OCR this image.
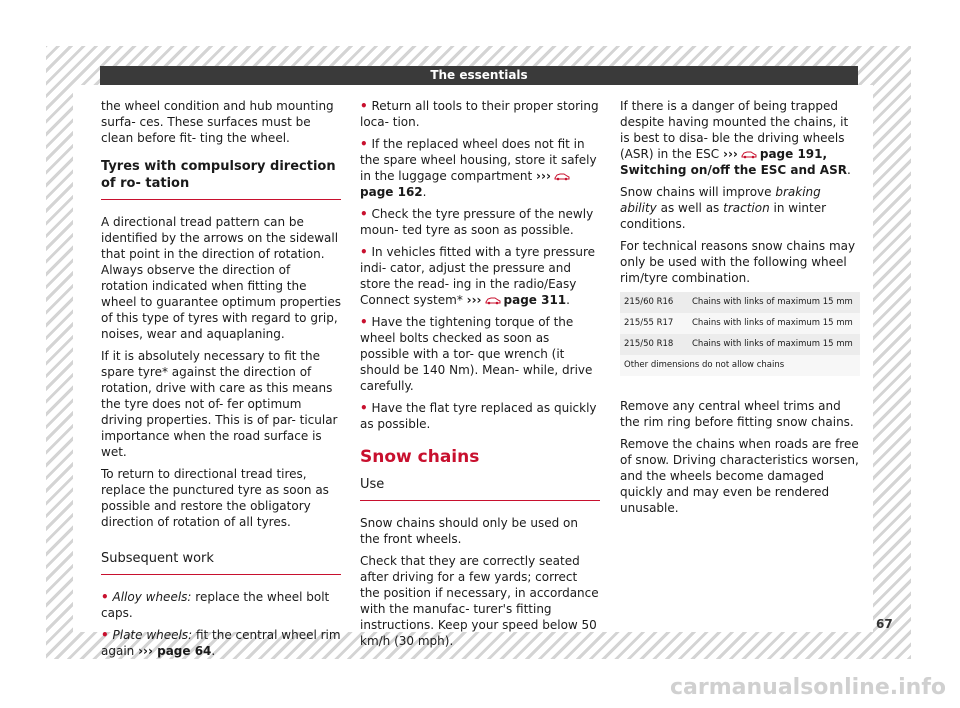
The essentials

the wheel condition and hub mounting surfa- ces. These surfaces must be clean before fit- ting the wheel.

Tyres with compulsory direction of ro- tation

A directional tread pattern can be identified by the arrows on the sidewall that point in the direction of rotation. Always observe the direction of rotation indicated when fitting the wheel to guarantee optimum properties of this type of tyres with regard to grip, noises, wear and aquaplaning.

If it is absolutely necessary to fit the spare tyre* against the direction of rotation, drive with care as this means the tyre does not of- fer optimum driving properties. This is of par- ticular importance when the road surface is wet.

To return to directional tread tires, replace the punctured tyre as soon as possible and restore the obligatory direction of rotation of all tyres.

Subsequent work
• Alloy wheels: replace the wheel bolt caps.
• Plate wheels: fit the central wheel rim again ››› page 64.
• Return all tools to their proper storing loca- tion.
• If the replaced wheel does not fit in the spare wheel housing, store it safely in the luggage compartment ›››page 162.
• Check the tyre pressure of the newly moun- ted tyre as soon as possible.
• In vehicles fitted with a tyre pressure indi- cator, adjust the pressure and store the read- ing in the radio/Easy Connect system* ››› page 311.
• Have the tightening torque of the wheel bolts checked as soon as possible with a tor- que wrench (it should be 140 Nm). Mean- while, drive carefully.
• Have the flat tyre replaced as quickly as possible.
Snow chains
Use

Snow chains should only be used on the front wheels.

Check that they are correctly seated after driving for a few yards; correct the position if necessary, in accordance with the manufac- turer's fitting instructions. Keep your speed below 50 km/h (30 mph).

If there is a danger of being trapped despite having mounted the chains, it is best to disa- ble the driving wheels (ASR) in the ESC ››› page 191, Switching on/off the ESC and ASR.

Snow chains will improve braking ability as well as traction in winter conditions.

For technical reasons snow chains may only be used with the following wheel rim/tyre combination.

215/60 R16	Chains with links of maximum 15 mm
215/55 R17	Chains with links of maximum 15 mm
215/50 R18	Chains with links of maximum 15 mm
Other dimensions do not allow chains	

Remove any central wheel trims and the rim ring before fitting snow chains.

Remove the chains when roads are free of snow. Driving characteristics worsen, and the wheels become damaged quickly and may even be rendered unusable.

67
carmanualsonline.info
